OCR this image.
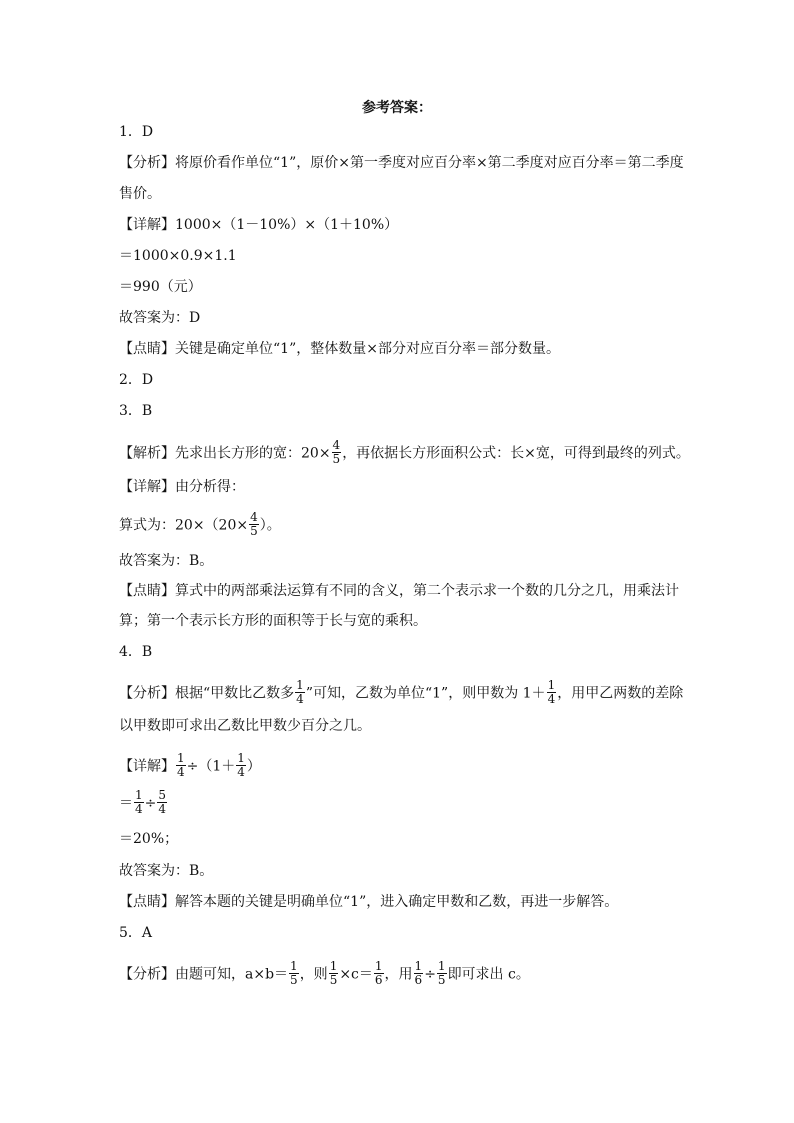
参考答案：
1．D
【分析】将原价看作单位“1”，原价×第一季度对应百分率×第二季度对应百分率＝第二季度
售价。
【详解】1000×（1－10%）×（1＋10%）
＝1000×0.9×1.1
＝990（元）
故答案为：D
【点睛】关键是确定单位“1”，整体数量×部分对应百分率＝部分数量。
2．D
3．B
【解析】先求出长方形的宽：$20\times \frac{4}{5}$ ，再依据长方形面积公式：长×宽，可得到最终的列式。
【详解】由分析得：
算式为：$20\times(20\times \frac{4}{5}$ ）。
故答案为：B。
【点睛】算式中的两部乘法运算有不同的含义，第二个表示求一个数的几分之几，用乘法计
算；第一个表示长方形的面积等于长与宽的乘积。
4．B
【分析】根据“甲数比乙数多 $\frac{1}{4}$ ”可知，乙数为单位“1”，则甲数为 $1+ \frac{1}{4}$ ，用甲乙两数的差除
以甲数即可求出乙数比甲数少百分之几。
【详解】 $\frac{1}{4} \div(1+ \frac{1}{4}$ ）
＝ $\frac{1}{4} \div \frac{5}{4}$
＝20%；
故答案为：B。
【点睛】解答本题的关键是明确单位“1”，进入确定甲数和乙数，再进一步解答。
5．A
【分析】由题可知，$a\times b= \frac{1}{5}$ ，则 $\frac{1}{5} \times c= \frac{1}{6}$ ，用 $\frac{1}{6} \div \frac{1}{5}$ 即可求出 c。
